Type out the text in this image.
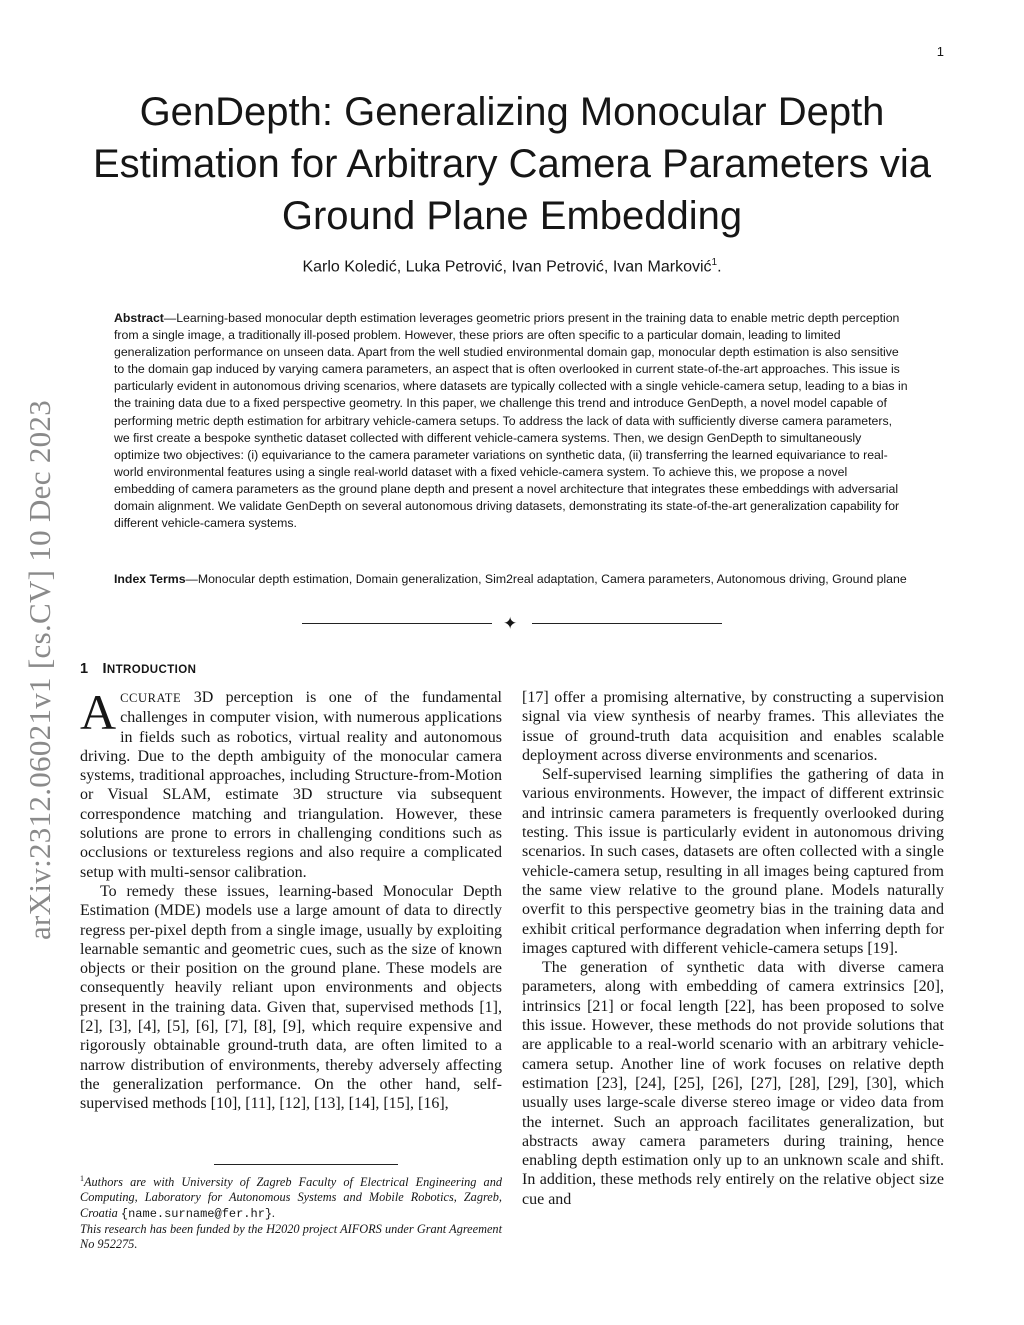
1
arXiv:2312.06021v1 [cs.CV] 10 Dec 2023
GenDepth: Generalizing Monocular Depth
Estimation for Arbitrary Camera Parameters via
Ground Plane Embedding
Karlo Koledić, Luka Petrović, Ivan Petrović, Ivan Marković$^1$.

Abstract—Learning-based monocular depth estimation leverages geometric priors present in the training data to enable metric depth perception from a single image, a traditionally ill-posed problem. However, these priors are often specific to a particular domain, leading to limited generalization performance on unseen data. Apart from the well studied environmental domain gap, monocular depth estimation is also sensitive to the domain gap induced by varying camera parameters, an aspect that is often overlooked in current state-of-the-art approaches. This issue is particularly evident in autonomous driving scenarios, where datasets are typically collected with a single vehicle-camera setup, leading to a bias in the training data due to a fixed perspective geometry. In this paper, we challenge this trend and introduce GenDepth, a novel model capable of performing metric depth estimation for arbitrary vehicle-camera setups. To address the lack of data with sufficiently diverse camera parameters, we first create a bespoke synthetic dataset collected with different vehicle-camera systems. Then, we design GenDepth to simultaneously optimize two objectives: (i) equivariance to the camera parameter variations on synthetic data, (ii) transferring the learned equivariance to real-world environmental features using a single real-world dataset with a fixed vehicle-camera system. To achieve this, we propose a novel embedding of camera parameters as the ground plane depth and present a novel architecture that integrates these embeddings with adversarial domain alignment. We validate GenDepth on several autonomous driving datasets, demonstrating its state-of-the-art generalization capability for different vehicle-camera systems.

Index Terms—Monocular depth estimation, Domain generalization, Sim2real adaptation, Camera parameters, Autonomous driving, Ground plane

✦
1 INTRODUCTION

ACCURATE 3D perception is one of the fundamental challenges in computer vision, with numerous applications in fields such as robotics, virtual reality and autonomous driving. Due to the depth ambiguity of the monocular camera systems, traditional approaches, including Structure-from-Motion or Visual SLAM, estimate 3D structure via subsequent correspondence matching and triangulation. However, these solutions are prone to errors in challenging conditions such as occlusions or textureless regions and also require a complicated setup with multi-sensor calibration.

To remedy these issues, learning-based Monocular Depth Estimation (MDE) models use a large amount of data to directly regress per-pixel depth from a single image, usually by exploiting learnable semantic and geometric cues, such as the size of known objects or their position on the ground plane. These models are consequently heavily reliant upon environments and objects present in the training data. Given that, supervised methods [1], [2], [3], [4], [5], [6], [7], [8], [9], which require expensive and rigorously obtainable ground-truth data, are often limited to a narrow distribution of environments, thereby adversely affecting the generalization performance. On the other hand, self-supervised methods [10], [11], [12], [13], [14], [15], [16],

[17] offer a promising alternative, by constructing a supervision signal via view synthesis of nearby frames. This alleviates the issue of ground-truth data acquisition and enables scalable deployment across diverse environments and scenarios.

Self-supervised learning simplifies the gathering of data in various environments. However, the impact of different extrinsic and intrinsic camera parameters is frequently overlooked during testing. This issue is particularly evident in autonomous driving scenarios. In such cases, datasets are often collected with a single vehicle-camera setup, resulting in all images being captured from the same view relative to the ground plane. Models naturally overfit to this perspective geometry bias in the training data and exhibit critical performance degradation when inferring depth for images captured with different vehicle-camera setups [19].

The generation of synthetic data with diverse camera parameters, along with embedding of camera extrinsics [20], intrinsics [21] or focal length [22], has been proposed to solve this issue. However, these methods do not provide solutions that are applicable to a real-world scenario with an arbitrary vehicle-camera setup. Another line of work focuses on relative depth estimation [23], [24], [25], [26], [27], [28], [29], [30], which usually uses large-scale diverse stereo image or video data from the internet. Such an approach facilitates generalization, but abstracts away camera parameters during training, hence enabling depth estimation only up to an unknown scale and shift. In addition, these methods rely entirely on the relative object size cue and

$^1$Authors are with University of Zagreb Faculty of Electrical Engineering and Computing, Laboratory for Autonomous Systems and Mobile Robotics, Zagreb, Croatia {name.surname@fer.hr}.

This research has been funded by the H2020 project AIFORS under Grant Agreement No 952275.
